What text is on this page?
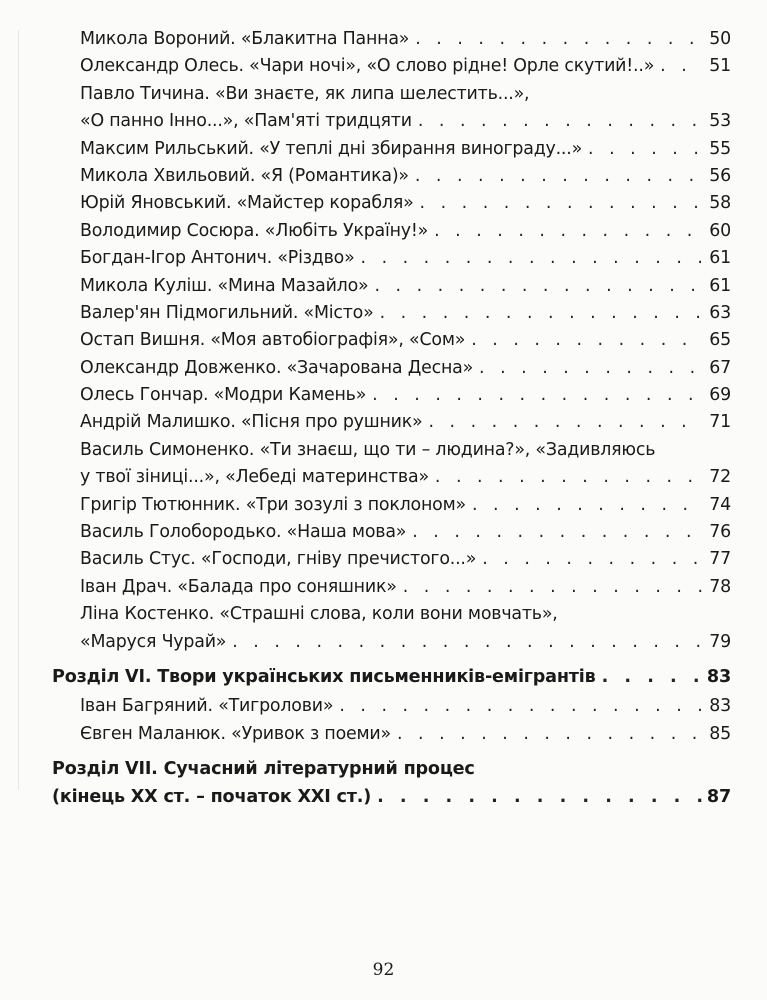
Микола Вороний. «Блакитна Панна» . . .	50
Олександр Олесь. «Чари ночі», «О слово рідне! Орле скутий!..» . . .	51
Павло Тичина. «Ви знаєте, як липа шелестить...»,
«О панно Інно...», «Пам'яті тридцяти . . .	53
Максим Рильський. «У теплі дні збирання винограду...» . . .	55
Микола Хвильовий. «Я (Романтика)» . . .	56
Юрій Яновський. «Майстер корабля» . . .	58
Володимир Сосюра. «Любіть Україну!» . . .	60
Богдан-Ігор Антонич. «Різдво» . . .	61
Микола Куліш. «Мина Мазайло» . . .	61
Валер'ян Підмогильний. «Місто» . . .	63
Остап Вишня. «Моя автобіографія», «Сом» . . .	65
Олександр Довженко. «Зачарована Десна» . . .	67
Олесь Гончар. «Модри Камень» . . .	69
Андрій Малишко. «Пісня про рушник» . . .	71
Василь Симоненко. «Ти знаєш, що ти – людина?», «Задивляюсь
у твої зіниці...», «Лебеді материнства» . . .	72
Григір Тютюнник. «Три зозулі з поклоном» . . .	74
Василь Голобородько. «Наша мова» . . .	76
Василь Стус. «Господи, гніву пречистого...» . . .	77
Іван Драч. «Балада про соняшник» . . .	78
Ліна Костенко. «Страшні слова, коли вони мовчать»,
«Маруся Чурай» . . .	79
Розділ VI. Твори українських письменників-емігрантів . . .	83
Іван Багряний. «Тигролови» . . .	83
Євген Маланюк. «Уривок з поеми» . . .	85
Розділ VII. Сучасний літературний процес
(кінець XX ст. – початок XXI ст.) . . .	87
92
